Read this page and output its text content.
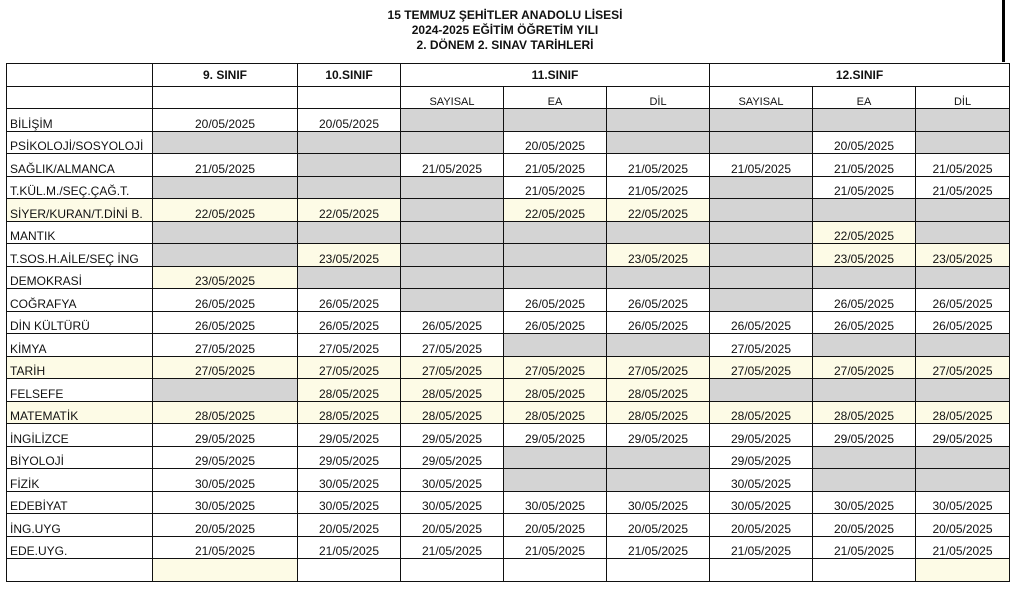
15 TEMMUZ ŞEHİTLER ANADOLU LİSESİ
2024-2025 EĞİTİM ÖĞRETİM YILI
2. DÖNEM 2. SINAV TARİHLERİ
	9. SINIF	10.SINIF	11.SINIF			12.SINIF		
			SAYISAL	EA	DİL	SAYISAL	EA	DİL
BİLİŞİM	20/05/2025	20/05/2025						
PSİKOLOJİ/SOSYOLOJİ				20/05/2025			20/05/2025	
SAĞLIK/ALMANCA	21/05/2025		21/05/2025	21/05/2025	21/05/2025	21/05/2025	21/05/2025	21/05/2025
T.KÜL.M./SEÇ.ÇAĞ.T.				21/05/2025	21/05/2025		21/05/2025	21/05/2025
SİYER/KURAN/T.DİNİ B.	22/05/2025	22/05/2025		22/05/2025	22/05/2025			
MANTIK							22/05/2025	
T.SOS.H.AİLE/SEÇ İNG		23/05/2025			23/05/2025		23/05/2025	23/05/2025
DEMOKRASİ	23/05/2025							
COĞRAFYA	26/05/2025	26/05/2025		26/05/2025	26/05/2025		26/05/2025	26/05/2025
DİN KÜLTÜRÜ	26/05/2025	26/05/2025	26/05/2025	26/05/2025	26/05/2025	26/05/2025	26/05/2025	26/05/2025
KİMYA	27/05/2025	27/05/2025	27/05/2025			27/05/2025		
TARİH	27/05/2025	27/05/2025	27/05/2025	27/05/2025	27/05/2025	27/05/2025	27/05/2025	27/05/2025
FELSEFE		28/05/2025	28/05/2025	28/05/2025	28/05/2025			
MATEMATİK	28/05/2025	28/05/2025	28/05/2025	28/05/2025	28/05/2025	28/05/2025	28/05/2025	28/05/2025
İNGİLİZCE	29/05/2025	29/05/2025	29/05/2025	29/05/2025	29/05/2025	29/05/2025	29/05/2025	29/05/2025
BİYOLOJİ	29/05/2025	29/05/2025	29/05/2025			29/05/2025		
FİZİK	30/05/2025	30/05/2025	30/05/2025			30/05/2025		
EDEBİYAT	30/05/2025	30/05/2025	30/05/2025	30/05/2025	30/05/2025	30/05/2025	30/05/2025	30/05/2025
İNG.UYG	20/05/2025	20/05/2025	20/05/2025	20/05/2025	20/05/2025	20/05/2025	20/05/2025	20/05/2025
EDE.UYG.	21/05/2025	21/05/2025	21/05/2025	21/05/2025	21/05/2025	21/05/2025	21/05/2025	21/05/2025
